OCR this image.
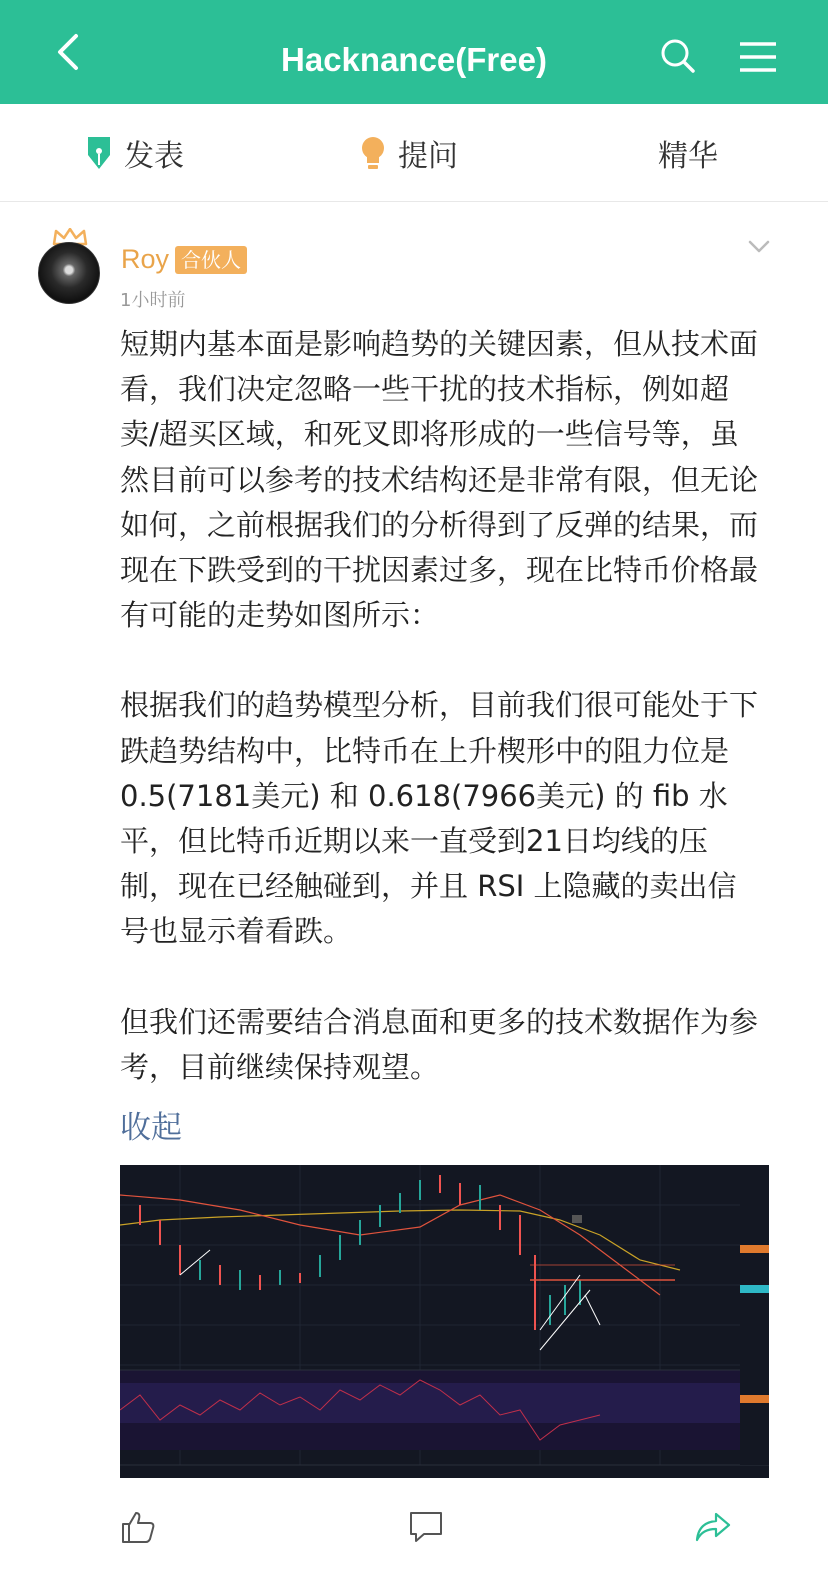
Hacknance(Free)
发表	提问	精华
Roy 合伙人
1小时前

短期内基本面是影响趋势的关键因素，但从技术面看，我们决定忽略一些干扰的技术指标，例如超卖/超买区域，和死叉即将形成的一些信号等，虽然目前可以参考的技术结构还是非常有限，但无论如何，之前根据我们的分析得到了反弹的结果，而现在下跌受到的干扰因素过多，现在比特币价格最有可能的走势如图所示：

根据我们的趋势模型分析，目前我们很可能处于下跌趋势结构中，比特币在上升楔形中的阻力位是0.5(7181美元) 和 0.618(7966美元) 的 fib 水平，但比特币近期以来一直受到21日均线的压制，现在已经触碰到，并且 RSI 上隐藏的卖出信号也显示着看跌。

但我们还需要结合消息面和更多的技术数据作为参考，目前继续保持观望。

收起
